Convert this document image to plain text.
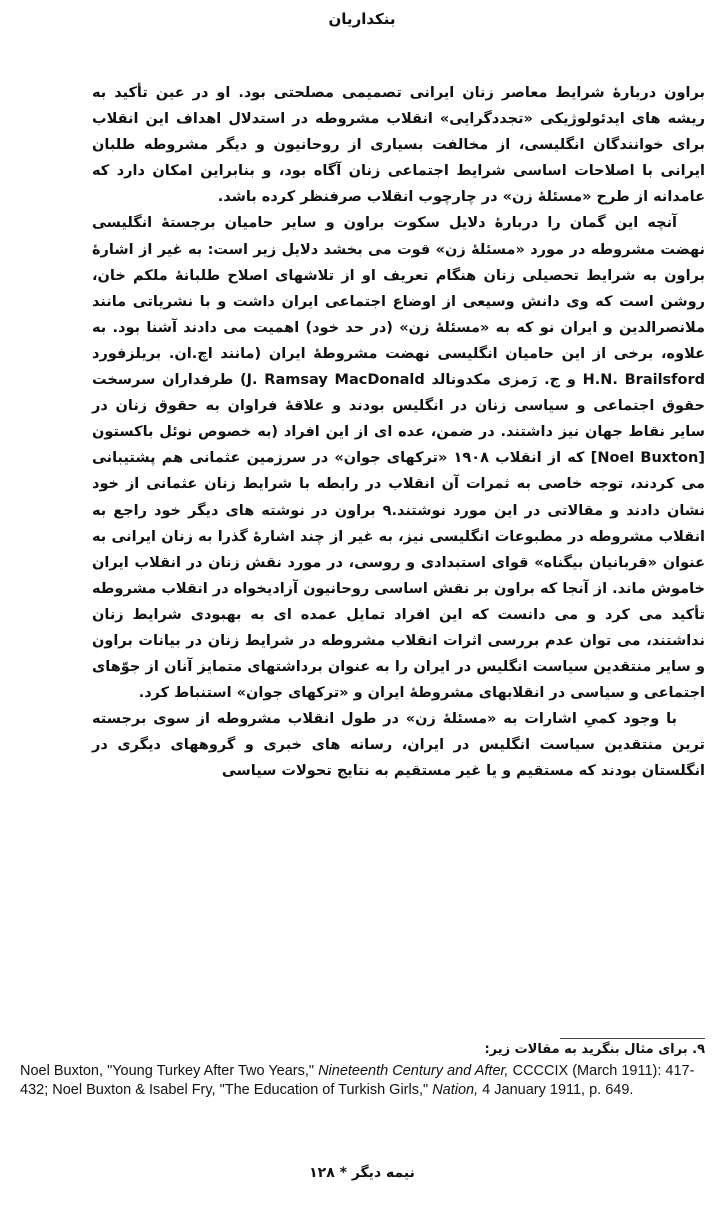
بنکداریان

براون دربارهٔ شرایط معاصر زنان ایرانی تصمیمی مصلحتی بود. او در عین تأکید به ریشه های ایدئولوژیکی «تجددگرایی» انقلاب مشروطه در استدلال اهداف این انقلاب برای خوانندگان انگلیسی، از مخالفت بسیاری از روحانیون و دیگر مشروطه طلبان ایرانی با اصلاحات اساسی شرایط اجتماعی زنان آگاه بود، و بنابراین امکان دارد که عامدانه از طرح «مسئلهٔ زن» در چارچوب انقلاب صرفنظر کرده باشد.

آنچه این گمان را دربارهٔ دلایل سکوت براون و سایر حامیان برجستهٔ انگلیسی نهضت مشروطه در مورد «مسئلهٔ زن» قوت می بخشد دلایل زیر است: به غیر از اشارهٔ براون به شرایط تحصیلی زنان هنگام تعریف او از تلاشهای اصلاح طلبانهٔ ملکم خان، روشن است که وی دانش وسیعی از اوضاع اجتماعی ایران داشت و با نشریاتی مانند ملانصرالدین و ایران نو که به «مسئلهٔ زن» (در حد خود) اهمیت می دادند آشنا بود. به علاوه، برخی از این حامیان انگلیسی نهضت مشروطهٔ ایران (مانند اچ.ان. بریلزفورد H.N. Brailsford و ج. رَمزی مکدونالد J. Ramsay MacDonald) طرفداران سرسخت حقوق اجتماعی و سیاسی زنان در انگلیس بودند و علاقهٔ فراوان به حقوق زنان در سایر نقاط جهان نیز داشتند. در ضمن، عده ای از این افراد (به خصوص نوئل باکستون [Noel Buxton] که از انقلاب ۱۹۰۸ «ترکهای جوان» در سرزمین عثمانی هم پشتیبانی می کردند، توجه خاصی به ثمرات آن انقلاب در رابطه با شرایط زنان عثمانی از خود نشان دادند و مقالاتی در این مورد نوشتند.۹ براون در نوشته های دیگر خود راجع به انقلاب مشروطه در مطبوعات انگلیسی نیز، به غیر از چند اشارهٔ گذرا به زنان ایرانی به عنوان «قربانیان بیگناه» قوای استبدادی و روسی، در مورد نقش زنان در انقلاب ایران خاموش ماند. از آنجا که براون بر نقش اساسی روحانیون آزادیخواه در انقلاب مشروطه تأکید می کرد و می دانست که این افراد تمایل عمده ای به بهبودی شرایط زنان نداشتند، می توان عدم بررسی اثرات انقلاب مشروطه در شرایط زنان در بیانات براون و سایر منتقدین سیاست انگلیس در ایران را به عنوان برداشتهای متمایز آنان از جوّهای اجتماعی و سیاسی در انقلابهای مشروطهٔ ایران و «ترکهای جوان» استنباط کرد.

با وجود کمیِ اشارات به «مسئلهٔ زن» در طول انقلاب مشروطه از سوی برجسته ترین منتقدین سیاست انگلیس در ایران، رسانه های خبری و گروههای دیگری در انگلستان بودند که مستقیم و یا غیر مستقیم به نتایج تحولات سیاسی

۹. برای مثال بنگرید به مقالات زیر:
Noel Buxton, "Young Turkey After Two Years," Nineteenth Century and After, CCCCIX (March 1911): 417-432; Noel Buxton & Isabel Fry, "The Education of Turkish Girls," Nation, 4 January 1911, p. 649.
نیمه دیگر * ۱۲۸
